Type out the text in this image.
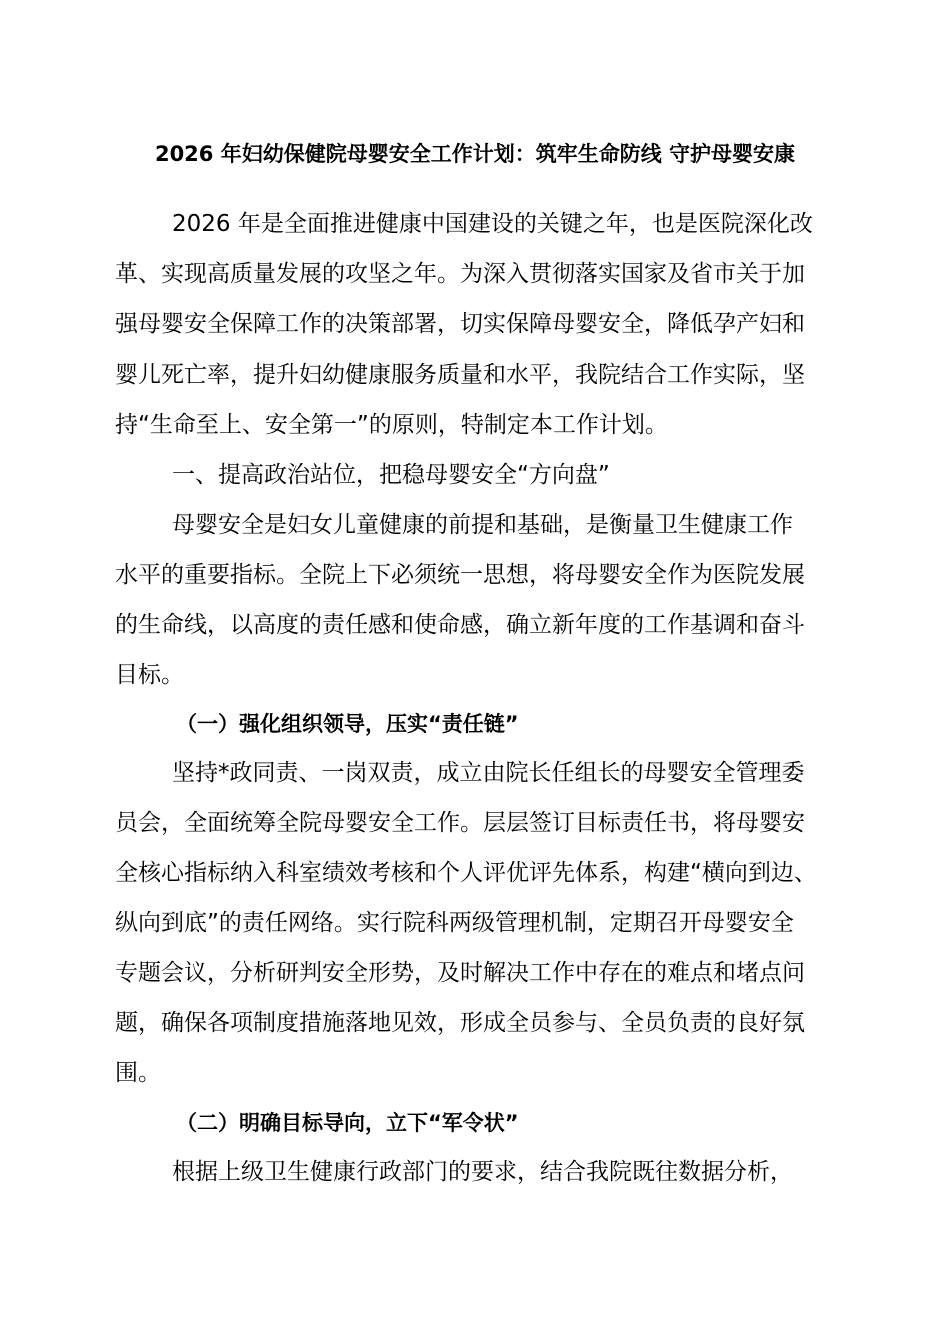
2026 年妇幼保健院母婴安全工作计划：筑牢生命防线 守护母婴安康
2026 年是全面推进健康中国建设的关键之年，也是医院深化改
革、实现高质量发展的攻坚之年。为深入贯彻落实国家及省市关于加
强母婴安全保障工作的决策部署，切实保障母婴安全，降低孕产妇和
婴儿死亡率，提升妇幼健康服务质量和水平，我院结合工作实际，坚
持“生命至上、安全第一”的原则，特制定本工作计划。
一、提高政治站位，把稳母婴安全“方向盘”
母婴安全是妇女儿童健康的前提和基础，是衡量卫生健康工作
水平的重要指标。全院上下必须统一思想，将母婴安全作为医院发展
的生命线，以高度的责任感和使命感，确立新年度的工作基调和奋斗
目标。
（一）强化组织领导，压实“责任链”
坚持*政同责、一岗双责，成立由院长任组长的母婴安全管理委
员会，全面统筹全院母婴安全工作。层层签订目标责任书，将母婴安
全核心指标纳入科室绩效考核和个人评优评先体系，构建“横向到边、
纵向到底”的责任网络。实行院科两级管理机制，定期召开母婴安全
专题会议，分析研判安全形势，及时解决工作中存在的难点和堵点问
题，确保各项制度措施落地见效，形成全员参与、全员负责的良好氛
围。
（二）明确目标导向，立下“军令状”
根据上级卫生健康行政部门的要求，结合我院既往数据分析，
